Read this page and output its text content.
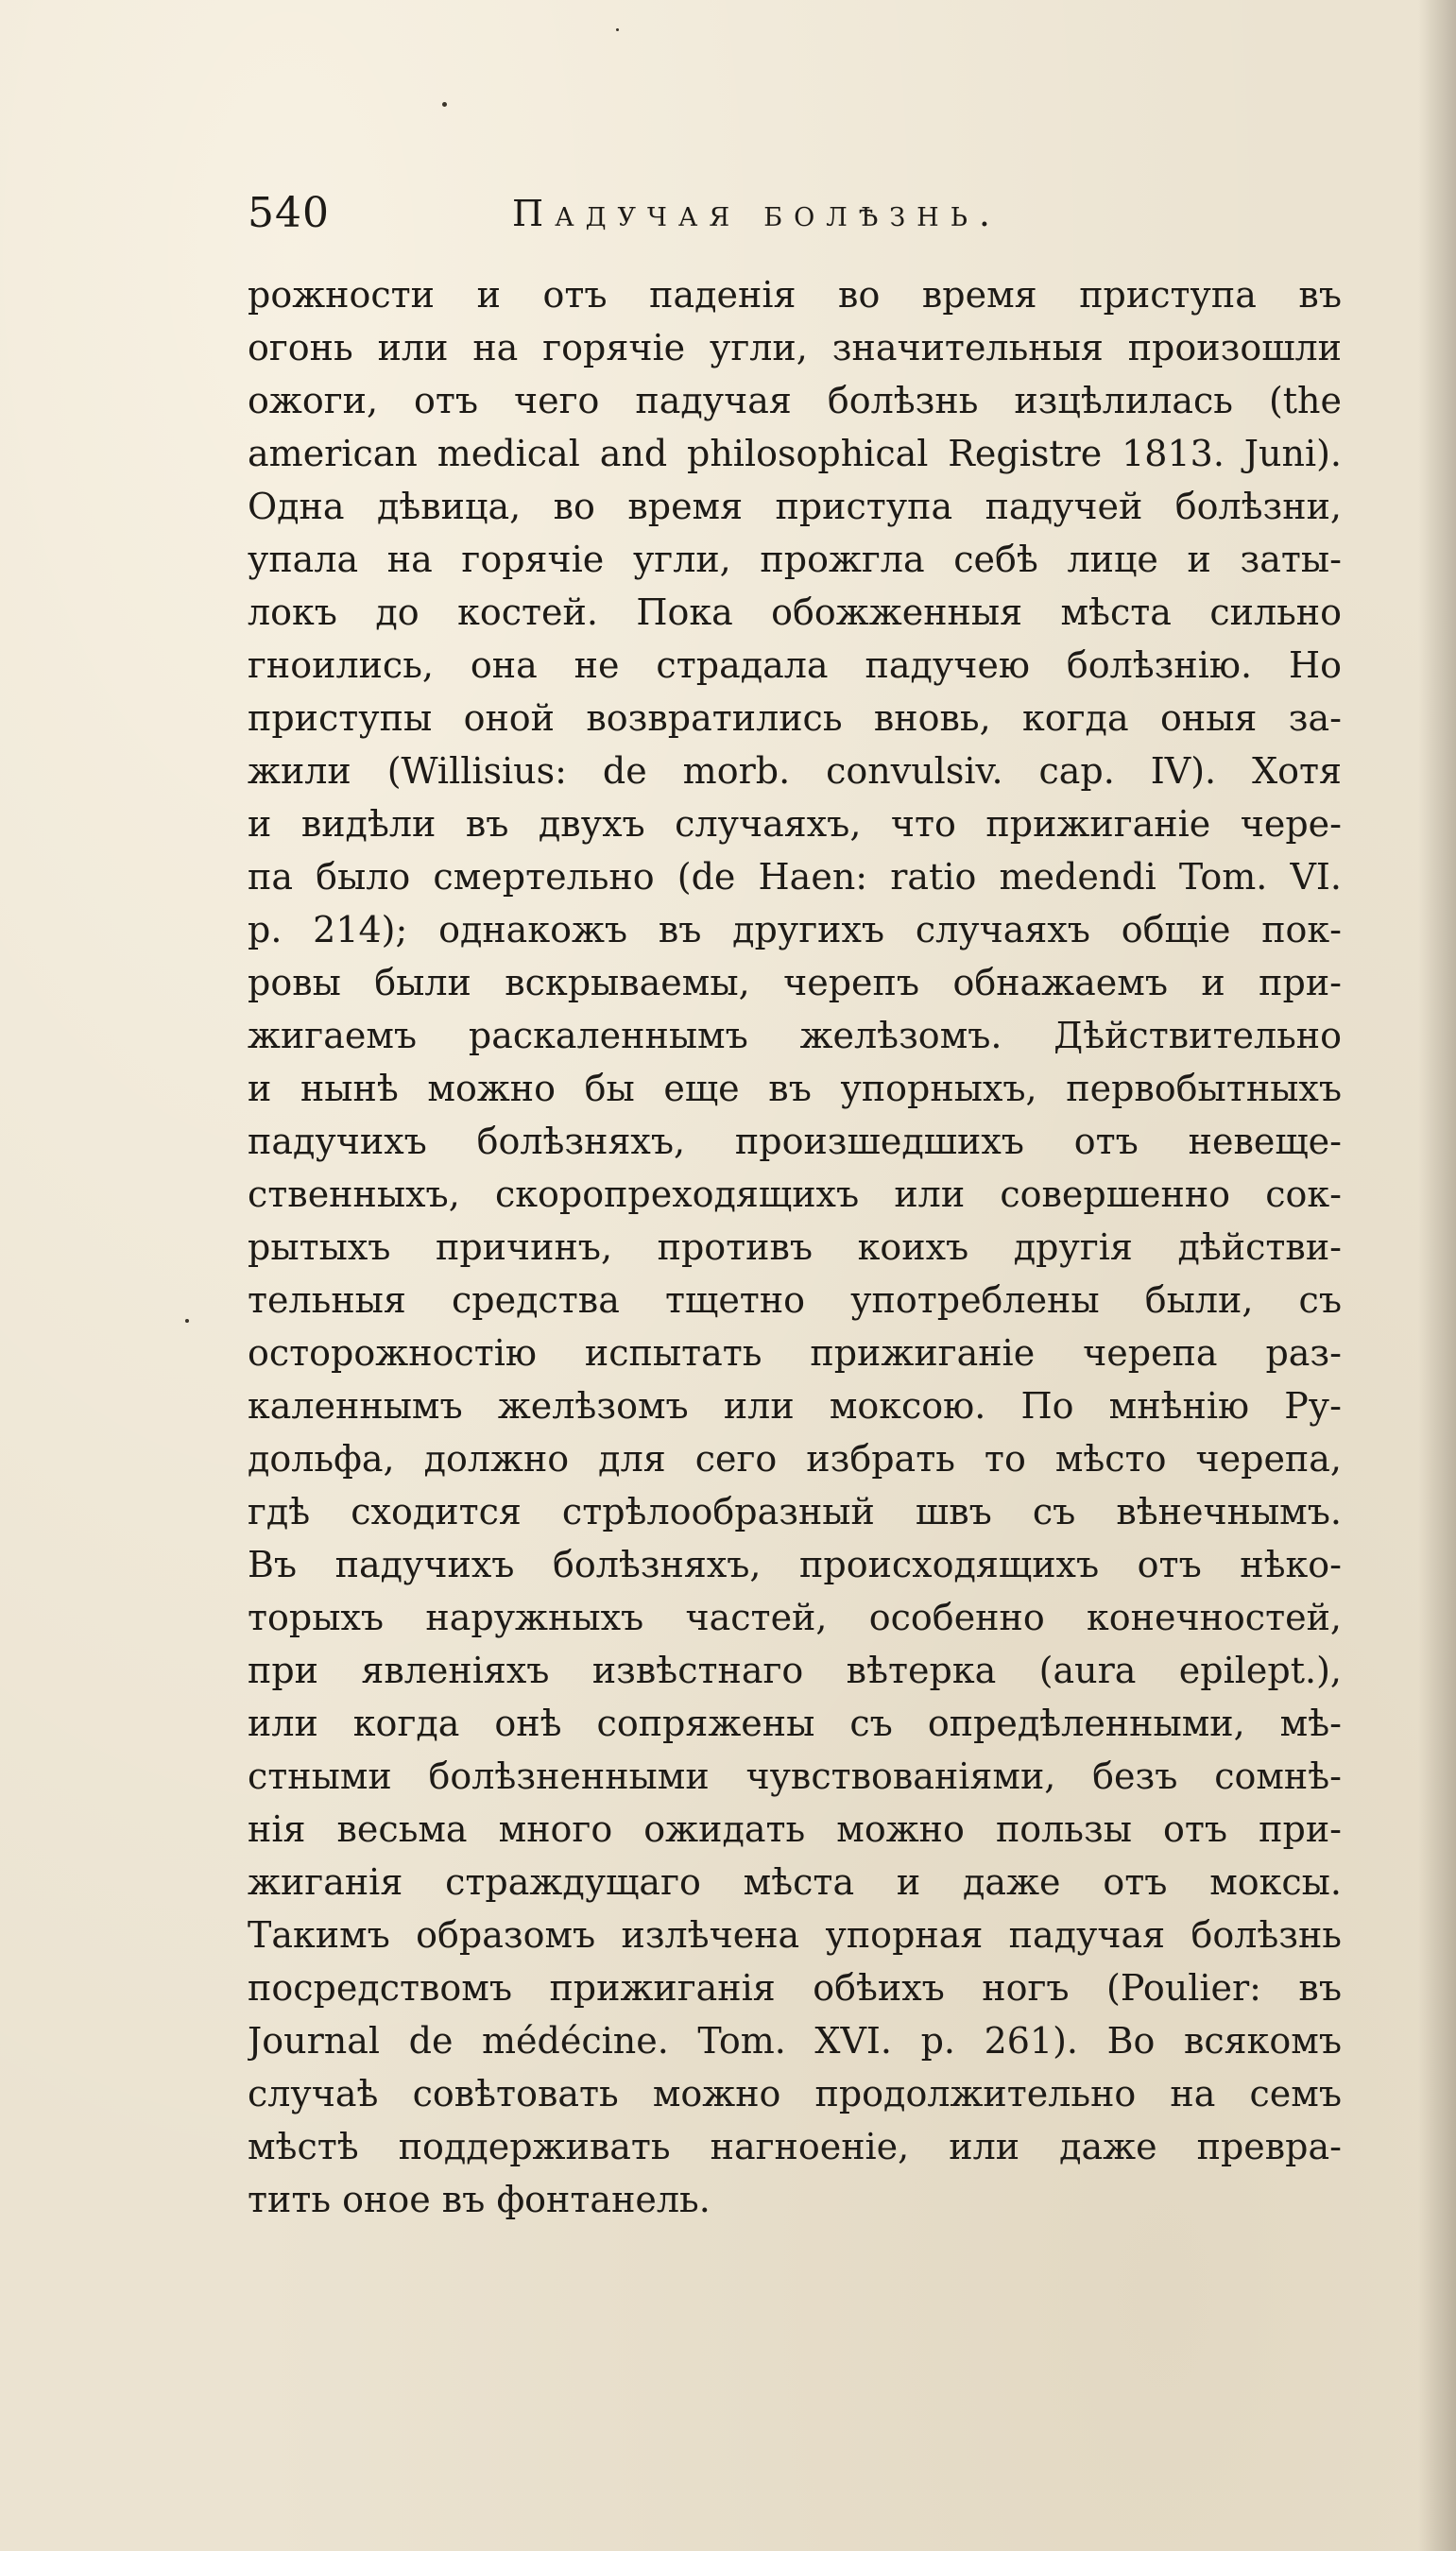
540	Падучая болѣзнь.
рожности и отъ паденія во время приступа въ
огонь или на горячіе угли, значительныя произошли
ожоги, отъ чего падучая болѣзнь изцѣлилась (the
american medical and philosophical Registre 1813. Juni).
Одна дѣвица, во время приступа падучей болѣзни,
упала на горячіе угли, прожгла себѣ лице и заты-
локъ до костей. Пока обожженныя мѣста сильно
гноились, она не страдала падучею болѣзнію. Но
приступы оной возвратились вновь, когда оныя за-
жили (Willisius: de morb. convulsiv. cap. IV). Хотя
и видѣли въ двухъ случаяхъ, что прижиганіе чере-
па было смертельно (de Haen: ratio medendi Tom. VI.
p. 214); однакожъ въ другихъ случаяхъ общіе пок-
ровы были вскрываемы, черепъ обнажаемъ и при-
жигаемъ раскаленнымъ желѣзомъ. Дѣйствительно
и нынѣ можно бы еще въ упорныхъ, первобытныхъ
падучихъ болѣзняхъ, произшедшихъ отъ невеще-
ственныхъ, скоропреходящихъ или совершенно сок-
рытыхъ причинъ, противъ коихъ другія дѣйстви-
тельныя средства тщетно употреблены были, съ
осторожностію испытать прижиганіе черепа раз-
каленнымъ желѣзомъ или моксою. По мнѣнію Ру-
дольфа, должно для сего избрать то мѣсто черепа,
гдѣ сходится стрѣлообразный швъ съ вѣнечнымъ.
Въ падучихъ болѣзняхъ, происходящихъ отъ нѣко-
торыхъ наружныхъ частей, особенно конечностей,
при явленіяхъ извѣстнаго вѣтерка (aura epilept.),
или когда онѣ сопряжены съ опредѣленными, мѣ-
стными болѣзненными чувствованіями, безъ сомнѣ-
нія весьма много ожидать можно пользы отъ при-
жиганія страждущаго мѣста и даже отъ моксы.
Такимъ образомъ излѣчена упорная падучая болѣзнь
посредствомъ прижиганія обѣихъ ногъ (Poulier: въ
Journal de médécine. Tom. XVI. p. 261). Во всякомъ
случаѣ совѣтовать можно продолжительно на семъ
мѣстѣ поддерживать нагноеніе, или даже превра-
тить оное въ фонтанель.
